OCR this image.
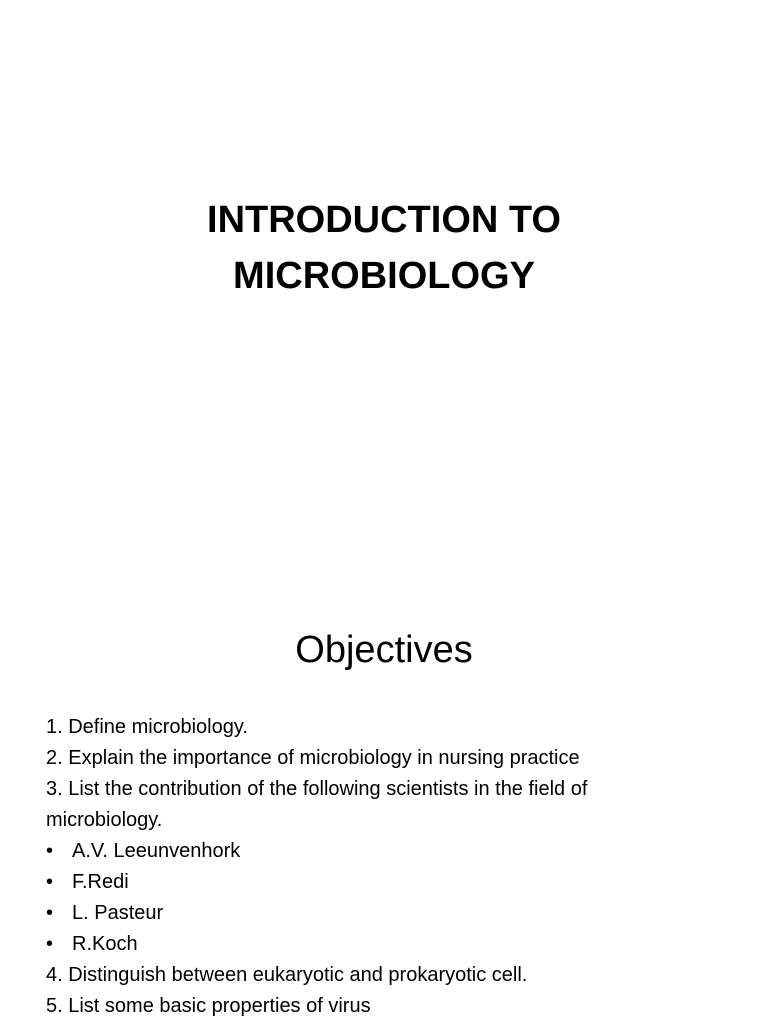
INTRODUCTION TO
MICROBIOLOGY
Objectives
1. Define microbiology.
2. Explain the importance of microbiology in nursing practice
3. List the contribution of the following scientists in the field of
microbiology.
• A.V. Leeunvenhork
• F.Redi
• L. Pasteur
• R.Koch
4. Distinguish between eukaryotic and prokaryotic cell.
5. List some basic properties of virus
